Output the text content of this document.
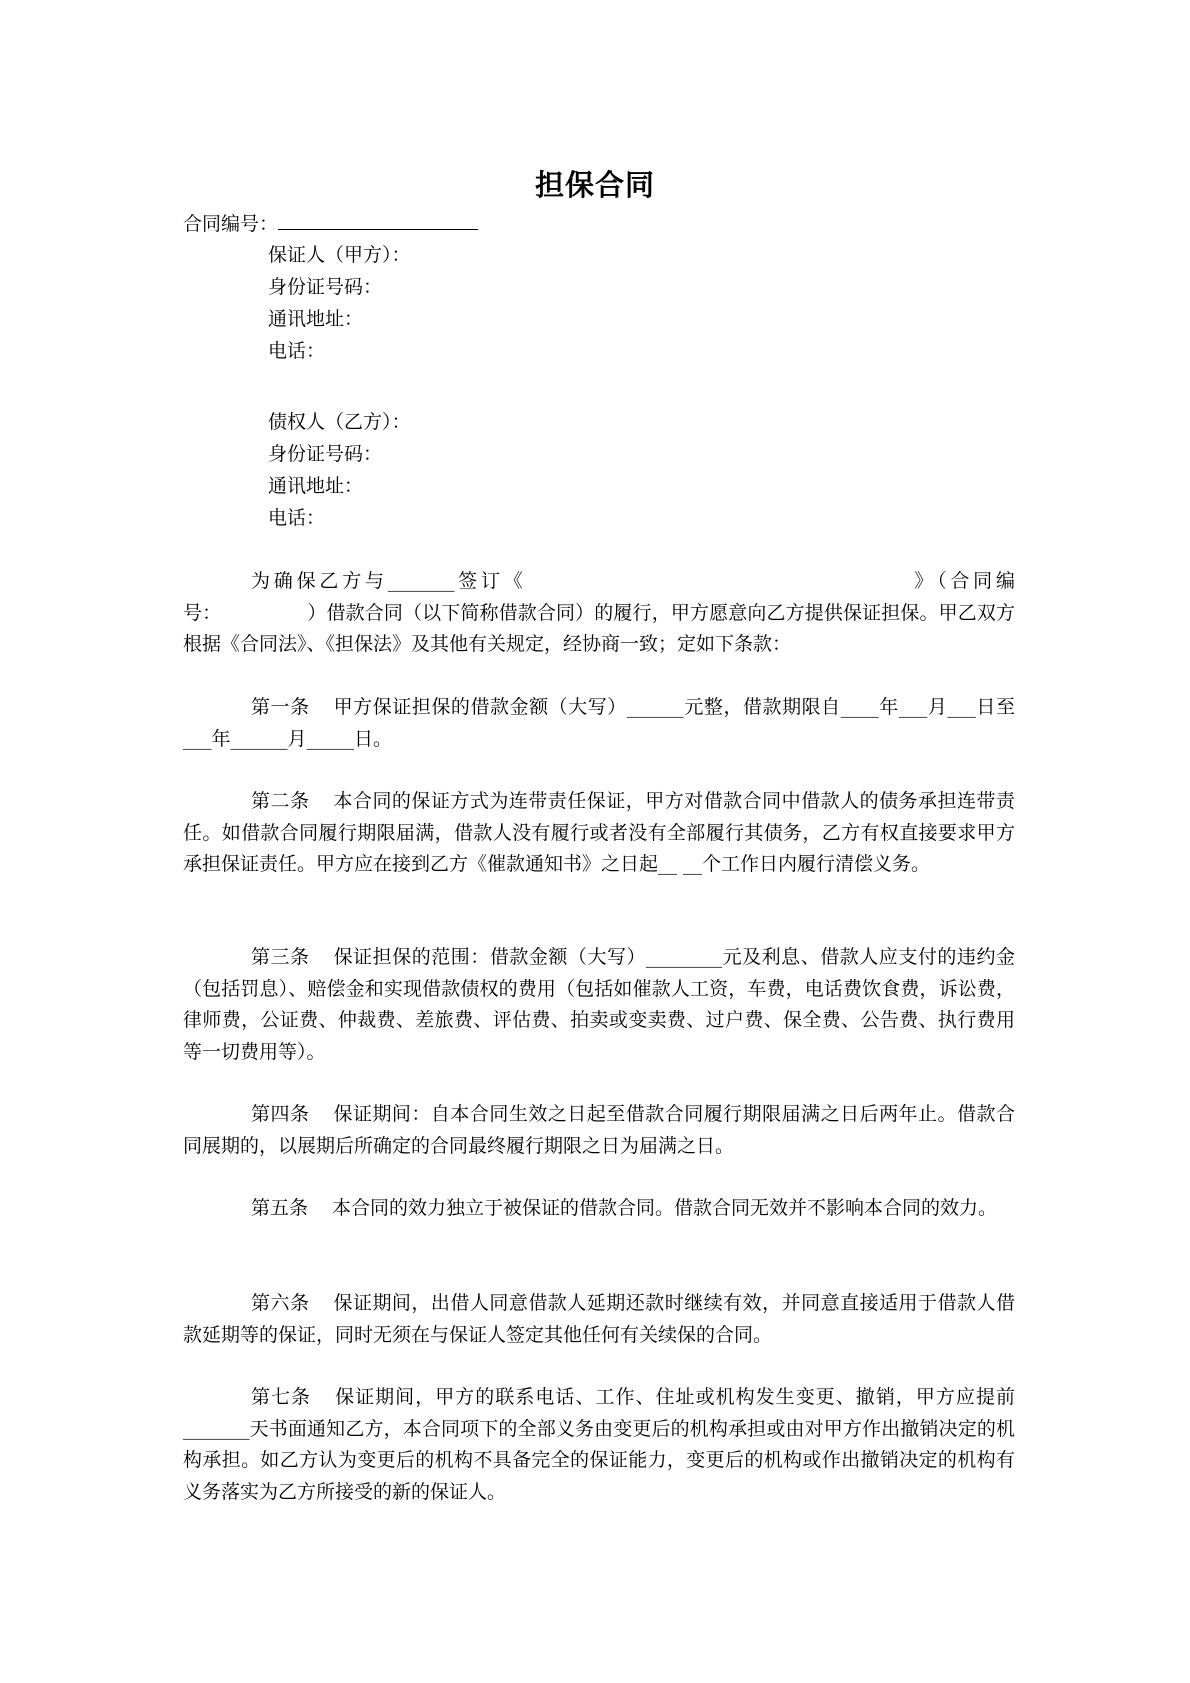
担保合同
合同编号：
保证人（甲方）：
身份证号码：
通讯地址：
电话：
债权人（乙方）：
身份证号码：
通讯地址：
电话：
为确保乙方与_______签订《　　　　　　　　　　　　　　　　　》（合同编号：　　　　　）借款合同（以下简称借款合同）的履行，甲方愿意向乙方提供保证担保。甲乙双方根据《合同法》、《担保法》及其他有关规定，经协商一致；定如下条款：
第一条 甲方保证担保的借款金额（大写）______元整，借款期限自____年___月___日至___年______月_____日。
第二条 本合同的保证方式为连带责任保证，甲方对借款合同中借款人的债务承担连带责任。如借款合同履行期限届满，借款人没有履行或者没有全部履行其债务，乙方有权直接要求甲方承担保证责任。甲方应在接到乙方《催款通知书》之日起__ __个工作日内履行清偿义务。
第三条 保证担保的范围：借款金额（大写）________元及利息、借款人应支付的违约金（包括罚息）、赔偿金和实现借款债权的费用（包括如催款人工资，车费，电话费饮食费，诉讼费，律师费，公证费、仲裁费、差旅费、评估费、拍卖或变卖费、过户费、保全费、公告费、执行费用等一切费用等）。
第四条 保证期间：自本合同生效之日起至借款合同履行期限届满之日后两年止。借款合同展期的，以展期后所确定的合同最终履行期限之日为届满之日。
第五条 本合同的效力独立于被保证的借款合同。借款合同无效并不影响本合同的效力。
第六条 保证期间，出借人同意借款人延期还款时继续有效，并同意直接适用于借款人借款延期等的保证，同时无须在与保证人签定其他任何有关续保的合同。
第七条 保证期间，甲方的联系电话、工作、住址或机构发生变更、撤销，甲方应提前_______天书面通知乙方，本合同项下的全部义务由变更后的机构承担或由对甲方作出撤销决定的机构承担。如乙方认为变更后的机构不具备完全的保证能力，变更后的机构或作出撤销决定的机构有义务落实为乙方所接受的新的保证人。
